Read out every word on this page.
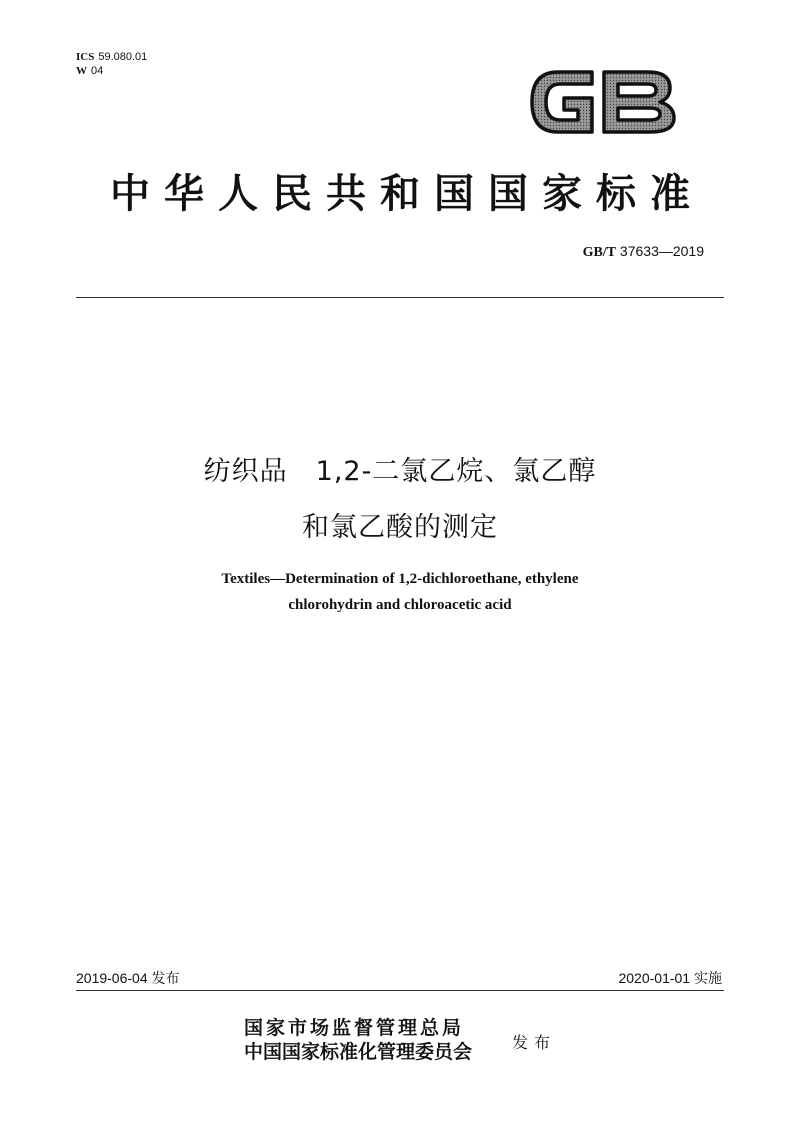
ICS 59.080.01
W 04
中华人民共和国国家标准
GB/T 37633—2019
纺织品　1,2-二氯乙烷、氯乙醇
和氯乙酸的测定
Textiles—Determination of 1,2-dichloroethane, ethylene
chlorohydrin and chloroacetic acid
2019-06-04 发布	2020-01-01 实施
国家市场监督管理总局
中国国家标准化管理委员会 发布
